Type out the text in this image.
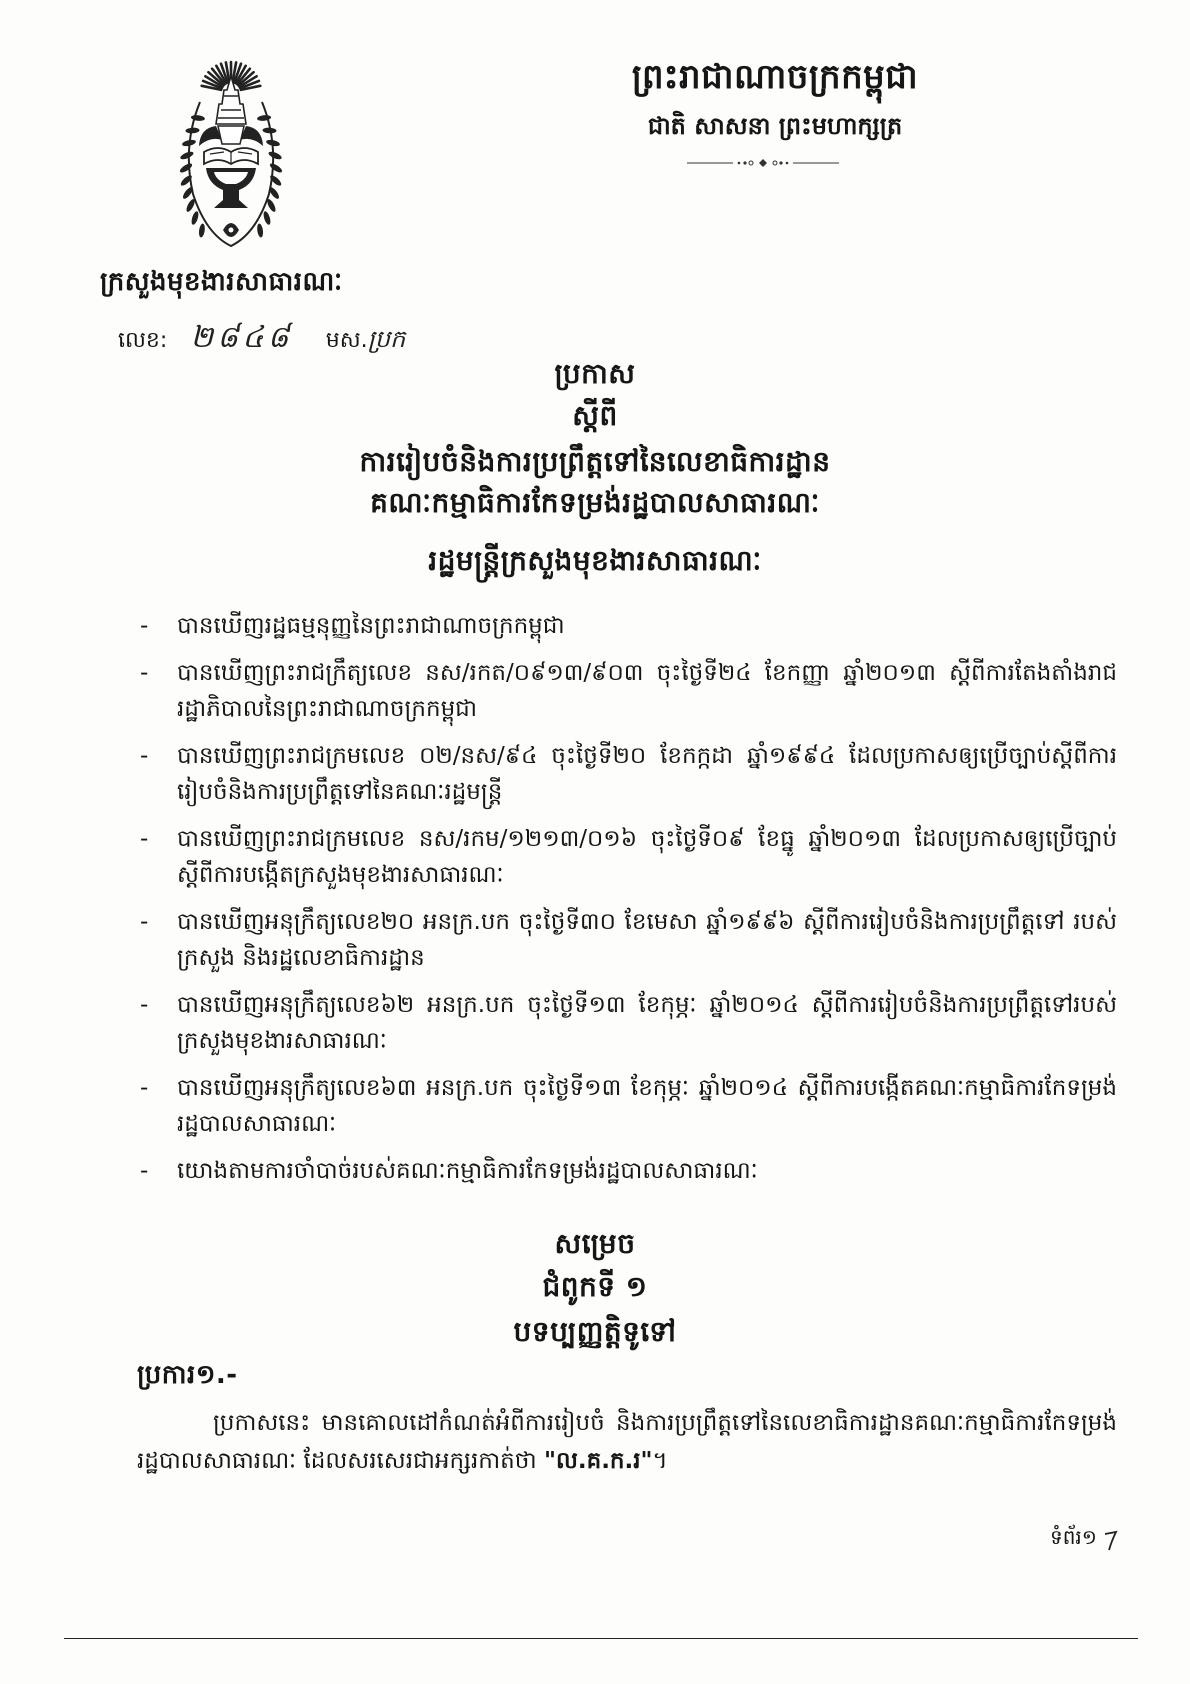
ព្រះរាជាណាចក្រកម្ពុជា
ជាតិ សាសនា ព្រះមហាក្សត្រ
ក្រសួងមុខងារសាធារណៈ
លេខ: ២៨៤៨ មស.ប្រក
ប្រកាស
ស្តីពី
ការរៀបចំនិងការប្រព្រឹត្តទៅនៃលេខាធិការដ្ឋាន
គណៈកម្មាធិការកែទម្រង់រដ្ឋបាលសាធារណៈ
រដ្ឋមន្ត្រីក្រសួងមុខងារសាធារណៈ
- បានឃើញរដ្ឋធម្មនុញ្ញនៃព្រះរាជាណាចក្រកម្ពុជា
- បានឃើញព្រះរាជក្រឹត្យលេខ នស/រកត/០៩១៣/៩០៣ ចុះថ្ងៃទី២៤ ខែកញ្ញា ឆ្នាំ២០១៣ ស្តីពីការតែងតាំងរាជរដ្ឋាភិបាលនៃព្រះរាជាណាចក្រកម្ពុជា
- បានឃើញព្រះរាជក្រមលេខ ០២/នស/៩៤ ចុះថ្ងៃទី២០ ខែកក្កដា ឆ្នាំ១៩៩៤ ដែលប្រកាសឲ្យប្រើច្បាប់ស្តីពីការរៀបចំនិងការប្រព្រឹត្តទៅនៃគណៈរដ្ឋមន្ត្រី
- បានឃើញព្រះរាជក្រមលេខ នស/រកម/១២១៣/០១៦ ចុះថ្ងៃទី០៩ ខែធ្នូ ឆ្នាំ២០១៣ ដែលប្រកាសឲ្យប្រើច្បាប់ស្តីពីការបង្កើតក្រសួងមុខងារសាធារណៈ
- បានឃើញអនុក្រឹត្យលេខ២០ អនក្រ.បក ចុះថ្ងៃទី៣០ ខែមេសា ឆ្នាំ១៩៩៦ ស្តីពីការរៀបចំនិងការប្រព្រឹត្តទៅ របស់ក្រសួង និងរដ្ឋលេខាធិការដ្ឋាន
- បានឃើញអនុក្រឹត្យលេខ៦២ អនក្រ.បក ចុះថ្ងៃទី១៣ ខែកុម្ភៈ ឆ្នាំ២០១៤ ស្តីពីការរៀបចំនិងការប្រព្រឹត្តទៅរបស់ក្រសួងមុខងារសាធារណៈ
- បានឃើញអនុក្រឹត្យលេខ៦៣ អនក្រ.បក ចុះថ្ងៃទី១៣ ខែកុម្ភៈ ឆ្នាំ២០១៤ ស្តីពីការបង្កើតគណៈកម្មាធិការកែទម្រង់រដ្ឋបាលសាធារណៈ
- យោងតាមការចាំបាច់របស់គណៈកម្មាធិការកែទម្រង់រដ្ឋបាលសាធារណៈ
សម្រេច
ជំពូកទី ១
បទប្បញ្ញត្តិទូទៅ
ប្រការ១.-
ប្រកាសនេះ មានគោលដៅកំណត់អំពីការរៀបចំ និងការប្រព្រឹត្តទៅនៃលេខាធិការដ្ឋានគណៈកម្មាធិការកែទម្រង់រដ្ឋបាលសាធារណៈ ដែលសរសេរជាអក្សរកាត់ថា "ល.គ.ក.រ"។
ទំព័រ១
